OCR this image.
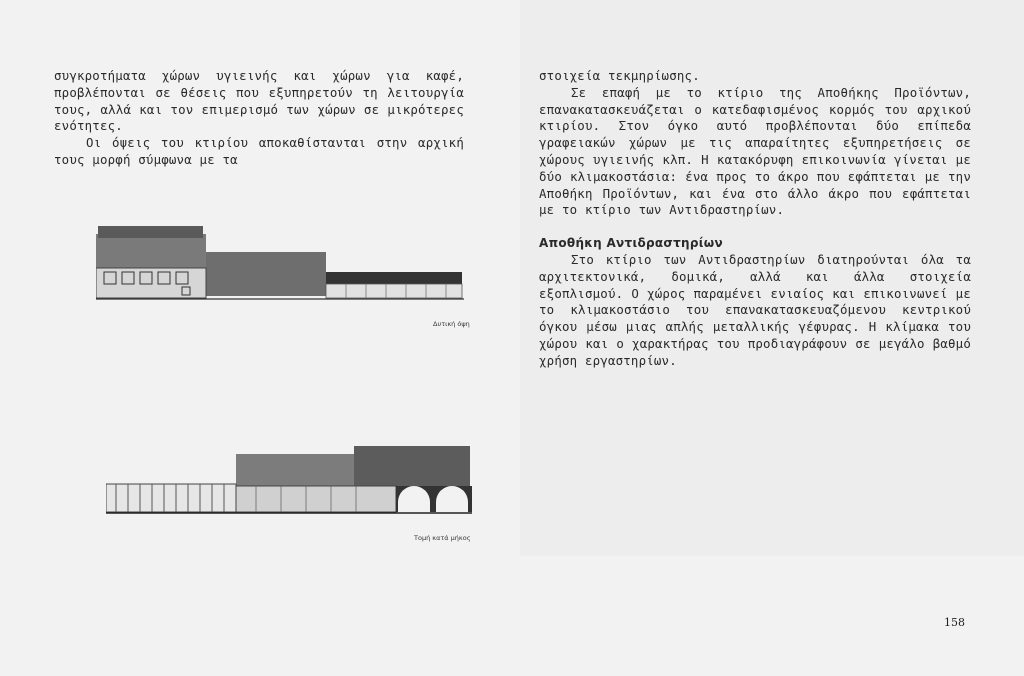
συγκροτήματα χώρων υγιεινής και χώρων για καφέ, προβλέπονται σε θέσεις που εξυπηρετούν τη λειτουργία τους, αλλά και τον επιμερισμό των χώρων σε μικρότερες ενότητες.

Οι όψεις του κτιρίου αποκαθίστανται στην αρχική τους μορφή σύμφωνα με τα

Δυτική όψη
Τομή κατά μήκος

στοιχεία τεκμηρίωσης.

Σε επαφή με το κτίριο της Αποθήκης Προϊόντων, επανακατασκευάζεται ο κατεδαφισμένος κορμός του αρχικού κτιρίου. Στον όγκο αυτό προβλέπονται δύο επίπεδα γραφειακών χώρων με τις απαραίτητες εξυπηρετήσεις σε χώρους υγιεινής κλπ. Η κατακόρυφη επικοινωνία γίνεται με δύο κλιμακοστάσια: ένα προς το άκρο που εφάπτεται με την Αποθήκη Προϊόντων, και ένα στο άλλο άκρο που εφάπτεται με το κτίριο των Αντιδραστηρίων.

Αποθήκη Αντιδραστηρίων

Στο κτίριο των Αντιδραστηρίων διατηρούνται όλα τα αρχιτεκτονικά, δομικά, αλλά και άλλα στοιχεία εξοπλισμού. Ο χώρος παραμένει ενιαίος και επικοινωνεί με το κλιμακοστάσιο του επανακατασκευαζόμενου κεντρικού όγκου μέσω μιας απλής μεταλλικής γέφυρας. Η κλίμακα του χώρου και ο χαρακτήρας του προδιαγράφουν σε μεγάλο βαθμό χρήση εργαστηρίων.

158
